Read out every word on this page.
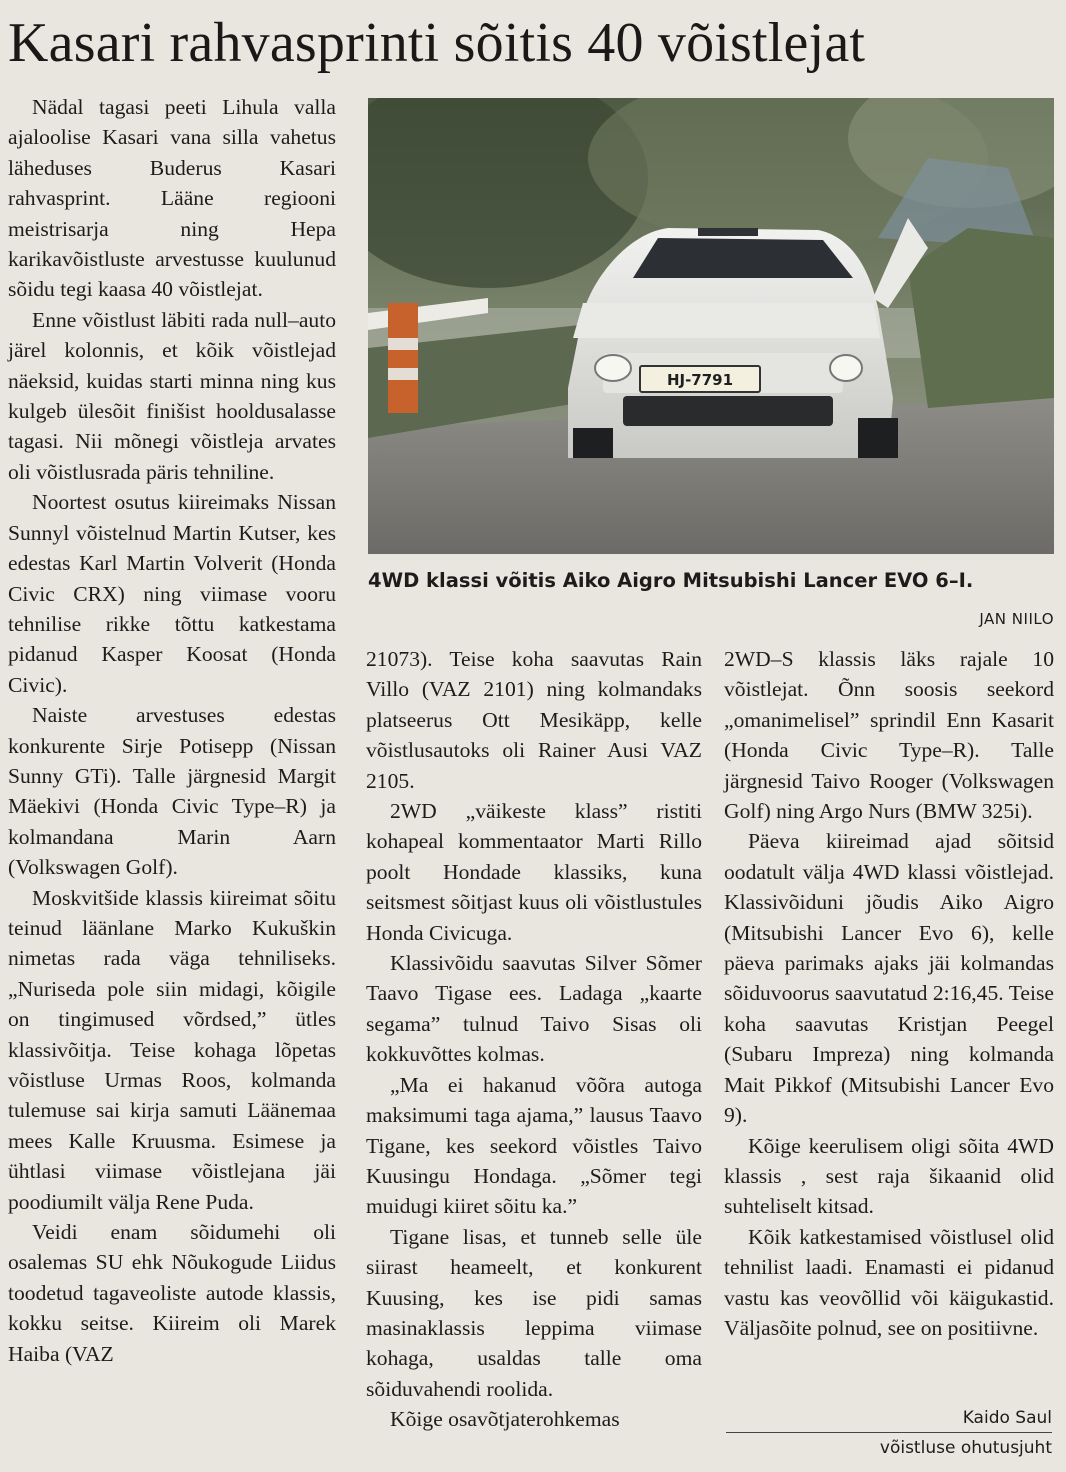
Kasari rahvasprinti sõitis 40 võistlejat

Nädal tagasi peeti Lihula valla ajaloolise Kasari vana silla vahetus läheduses Buderus Kasari rahvasprint. Lääne regiooni meistrisarja ning Hepa karikavõistluste arvestusse kuulunud sõidu tegi kaasa 40 võistlejat.

Enne võistlust läbiti rada null–auto järel kolonnis, et kõik võistlejad näeksid, kuidas starti minna ning kus kulgeb ülesõit finišist hooldusalasse tagasi. Nii mõnegi võistleja arvates oli võistlusrada päris tehniline.

Noortest osutus kiireimaks Nissan Sunnyl võistelnud Martin Kutser, kes edestas Karl Martin Volverit (Honda Civic CRX) ning viimase vooru tehnilise rikke tõttu katkestama pidanud Kasper Koosat (Honda Civic).

Naiste arvestuses edestas konkurente Sirje Potisepp (Nissan Sunny GTi). Talle järgnesid Margit Mäekivi (Honda Civic Type–R) ja kolmandana Marin Aarn (Volkswagen Golf).

Moskvitšide klassis kiireimat sõitu teinud läänlane Marko Kukuškin nimetas rada väga tehniliseks. „Nuriseda pole siin midagi, kõigile on tingimused võrdsed,” ütles klassivõitja. Teise kohaga lõpetas võistluse Urmas Roos, kolmanda tulemuse sai kirja samuti Läänemaa mees Kalle Kruusma. Esimese ja ühtlasi viimase võistlejana jäi poodiumilt välja Rene Puda.

Veidi enam sõidumehi oli osalemas SU ehk Nõukogude Liidus toodetud tagaveoliste autode klassis, kokku seitse. Kiireim oli Marek Haiba (VAZ

HJ-7791
4WD klassi võitis Aiko Aigro Mitsubishi Lancer EVO 6–I.
JAN NIILO

21073). Teise koha saavutas Rain Villo (VAZ 2101) ning kolmandaks platseerus Ott Mesikäpp, kelle võistlusautoks oli Rainer Ausi VAZ 2105.

2WD „väikeste klass” ristiti kohapeal kommentaator Marti Rillo poolt Hondade klassiks, kuna seitsmest sõitjast kuus oli võistlustules Honda Civicuga.

Klassivõidu saavutas Silver Sõmer Taavo Tigase ees. Ladaga „kaarte segama” tulnud Taivo Sisas oli kokkuvõttes kolmas.

„Ma ei hakanud võõra autoga maksimumi taga ajama,” lausus Taavo Tigane, kes seekord võistles Taivo Kuusingu Hondaga. „Sõmer tegi muidugi kiiret sõitu ka.”

Tigane lisas, et tunneb selle üle siirast heameelt, et konkurent Kuusing, kes ise pidi samas masinaklassis leppima viimase kohaga, usaldas talle oma sõiduvahendi roolida.

Kõige osavõtjaterohkemas

2WD–S klassis läks rajale 10 võistlejat. Õnn soosis seekord „omanimelisel” sprindil Enn Kasarit (Honda Civic Type–R). Talle järgnesid Taivo Rooger (Volkswagen Golf) ning Argo Nurs (BMW 325i).

Päeva kiireimad ajad sõitsid oodatult välja 4WD klassi võistlejad. Klassivõiduni jõudis Aiko Aigro (Mitsubishi Lancer Evo 6), kelle päeva parimaks ajaks jäi kolmandas sõiduvoorus saavutatud 2:16,45. Teise koha saavutas Kristjan Peegel (Subaru Impreza) ning kolmanda Mait Pikkof (Mitsubishi Lancer Evo 9).

Kõige keerulisem oligi sõita 4WD klassis , sest raja šikaanid olid suhteliselt kitsad.

Kõik katkestamised võistlusel olid tehnilist laadi. Enamasti ei pidanud vastu kas veovõllid või käigukastid. Väljasõite polnud, see on positiivne.

Kaido Saul
võistluse ohutusjuht
